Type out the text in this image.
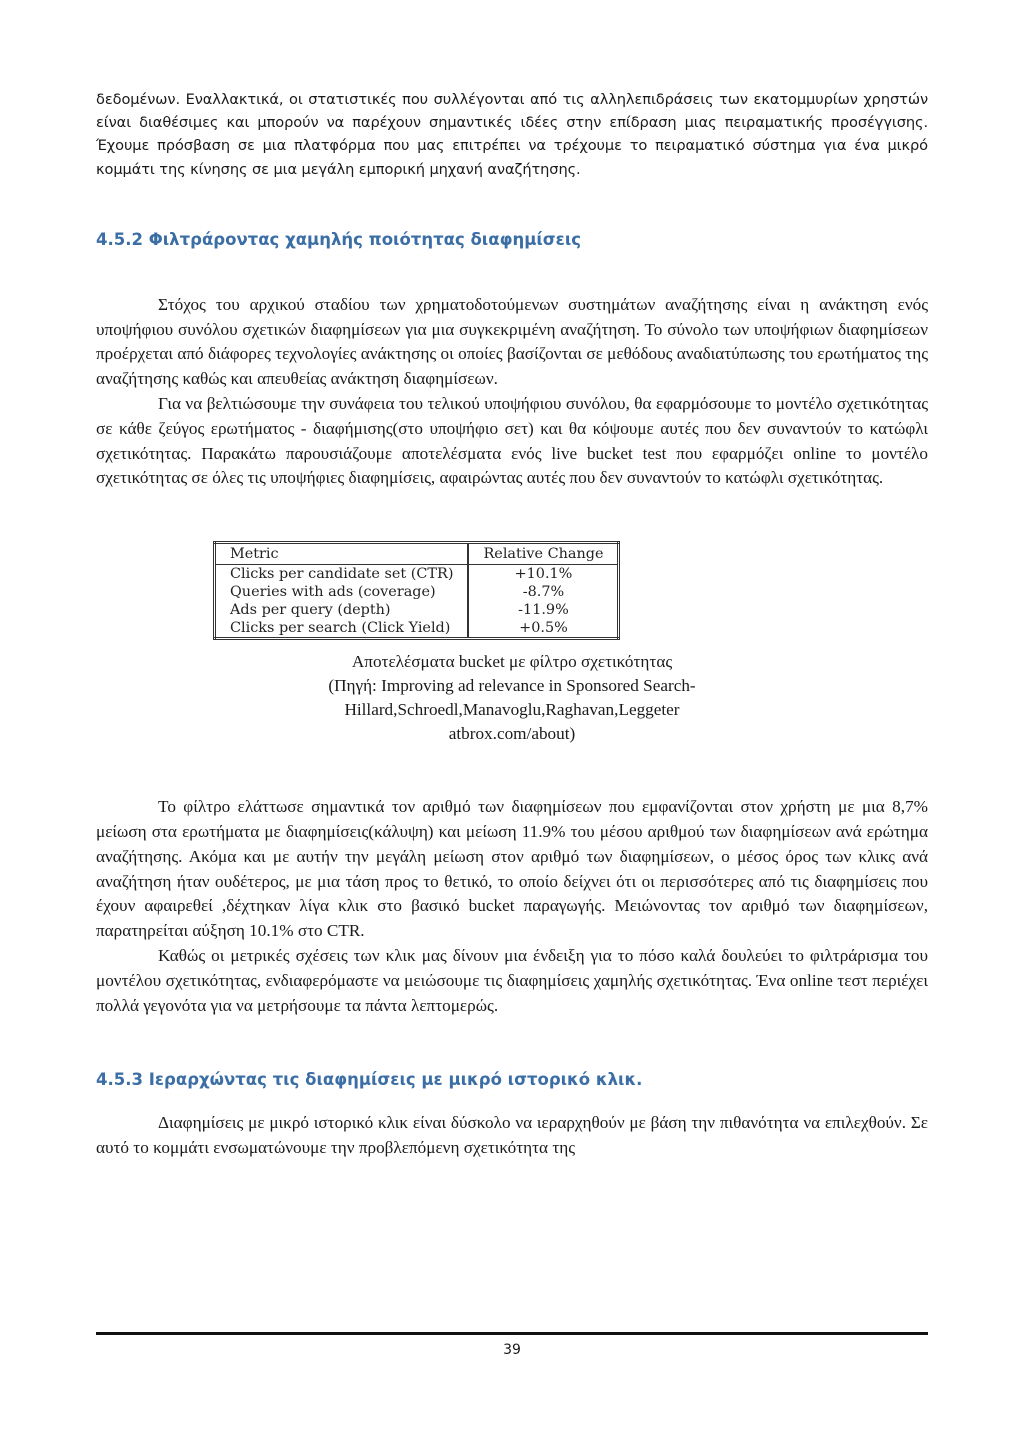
δεδομένων. Εναλλακτικά, οι στατιστικές που συλλέγονται από τις αλληλεπιδράσεις των εκατομμυρίων χρηστών είναι διαθέσιμες και μπορούν να παρέχουν σημαντικές ιδέες στην επίδραση μιας πειραματικής προσέγγισης. Έχουμε πρόσβαση σε μια πλατφόρμα που μας επιτρέπει να τρέχουμε το πειραματικό σύστημα για ένα μικρό κομμάτι της κίνησης σε μια μεγάλη εμπορική μηχανή αναζήτησης.

4.5.2 Φιλτράροντας χαμηλής ποιότητας διαφημίσεις

Στόχος του αρχικού σταδίου των χρηματοδοτούμενων συστημάτων αναζήτησης είναι η ανάκτηση ενός υποψήφιου συνόλου σχετικών διαφημίσεων για μια συγκεκριμένη αναζήτηση. Το σύνολο των υποψήφιων διαφημίσεων προέρχεται από διάφορες τεχνολογίες ανάκτησης οι οποίες βασίζονται σε μεθόδους αναδιατύπωσης του ερωτήματος της αναζήτησης καθώς και απευθείας ανάκτηση διαφημίσεων.

Για να βελτιώσουμε την συνάφεια του τελικού υποψήφιου συνόλου, θα εφαρμόσουμε το μοντέλο σχετικότητας σε κάθε ζεύγος ερωτήματος - διαφήμισης(στο υποψήφιο σετ) και θα κόψουμε αυτές που δεν συναντούν το κατώφλι σχετικότητας. Παρακάτω παρουσιάζουμε αποτελέσματα ενός live bucket test που εφαρμόζει online το μοντέλο σχετικότητας σε όλες τις υποψήφιες διαφημίσεις, αφαιρώντας αυτές που δεν συναντούν το κατώφλι σχετικότητας.

Metric	Relative Change
Clicks per candidate set (CTR)	+10.1%
Queries with ads (coverage)	-8.7%
Ads per query (depth)	-11.9%
Clicks per search (Click Yield)	+0.5%

Αποτελέσματα bucket με φίλτρο σχετικότητας

(Πηγή: Improving ad relevance in Sponsored Search-

Hillard,Schroedl,Manavoglu,Raghavan,Leggeter

atbrox.com/about)

Το φίλτρο ελάττωσε σημαντικά τον αριθμό των διαφημίσεων που εμφανίζονται στον χρήστη με μια 8,7% μείωση στα ερωτήματα με διαφημίσεις(κάλυψη) και μείωση 11.9% του μέσου αριθμού των διαφημίσεων ανά ερώτημα αναζήτησης. Ακόμα και με αυτήν την μεγάλη μείωση στον αριθμό των διαφημίσεων, ο μέσος όρος των κλικς ανά αναζήτηση ήταν ουδέτερος, με μια τάση προς το θετικό, το οποίο δείχνει ότι οι περισσότερες από τις διαφημίσεις που έχουν αφαιρεθεί ,δέχτηκαν λίγα κλικ στο βασικό bucket παραγωγής. Μειώνοντας τον αριθμό των διαφημίσεων, παρατηρείται αύξηση 10.1% στο CTR.

Καθώς οι μετρικές σχέσεις των κλικ μας δίνουν μια ένδειξη για το πόσο καλά δουλεύει το φιλτράρισμα του μοντέλου σχετικότητας, ενδιαφερόμαστε να μειώσουμε τις διαφημίσεις χαμηλής σχετικότητας. Ένα online τεστ περιέχει πολλά γεγονότα για να μετρήσουμε τα πάντα λεπτομερώς.

4.5.3 Ιεραρχώντας τις διαφημίσεις με μικρό ιστορικό κλικ.

Διαφημίσεις με μικρό ιστορικό κλικ είναι δύσκολο να ιεραρχηθούν με βάση την πιθανότητα να επιλεχθούν. Σε αυτό το κομμάτι ενσωματώνουμε την προβλεπόμενη σχετικότητα της

39
